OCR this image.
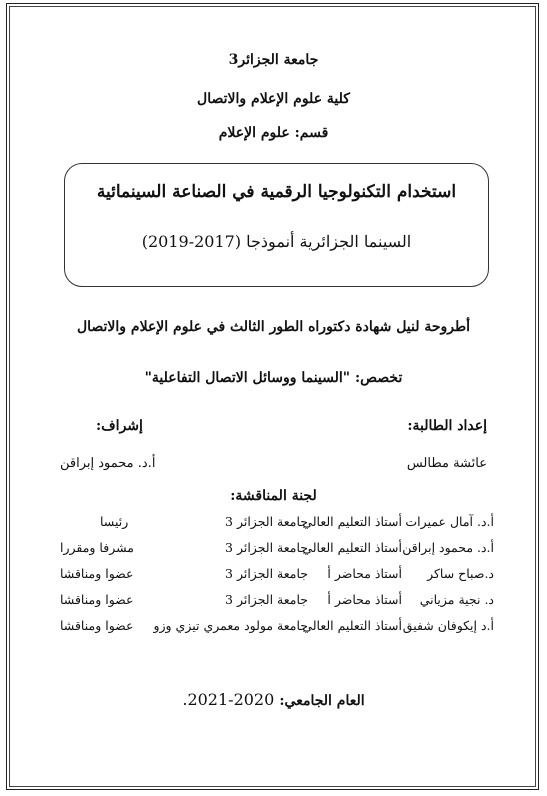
جامعة الجزائر3
كلية علوم الإعلام والاتصال
قسم: علوم الإعلام
استخدام التكنولوجيا الرقمية في الصناعة السينمائية
السينما الجزائرية أنموذجا (2017-2019)
أطروحة لنيل شهادة دكتوراه الطور الثالث في علوم الإعلام والاتصال
تخصص: "السينما ووسائل الاتصال التفاعلية"
إعداد الطالبة:
إشراف:
عائشة مطالس
أ.د. محمود إبراقن
لجنة المناقشة:
أ.د. آمال عميرات
أستاذ التعليم العالي
جامعة الجزائر 3
رئيسا
أ.د. محمود إبراقن
أستاذ التعليم العالي
جامعة الجزائر 3
مشرفا ومقررا
د.صباح ساكر
أستاذ محاضر أ
جامعة الجزائر 3
عضوا ومناقشا
د. نجية مزياني
أستاذ محاضر أ
جامعة الجزائر 3
عضوا ومناقشا
أ.د إيكوفان شفيق
أستاذ التعليم العالي
جامعة مولود معمري تيزي وزو
عضوا ومناقشا
العام الجامعي: 2020-2021.
